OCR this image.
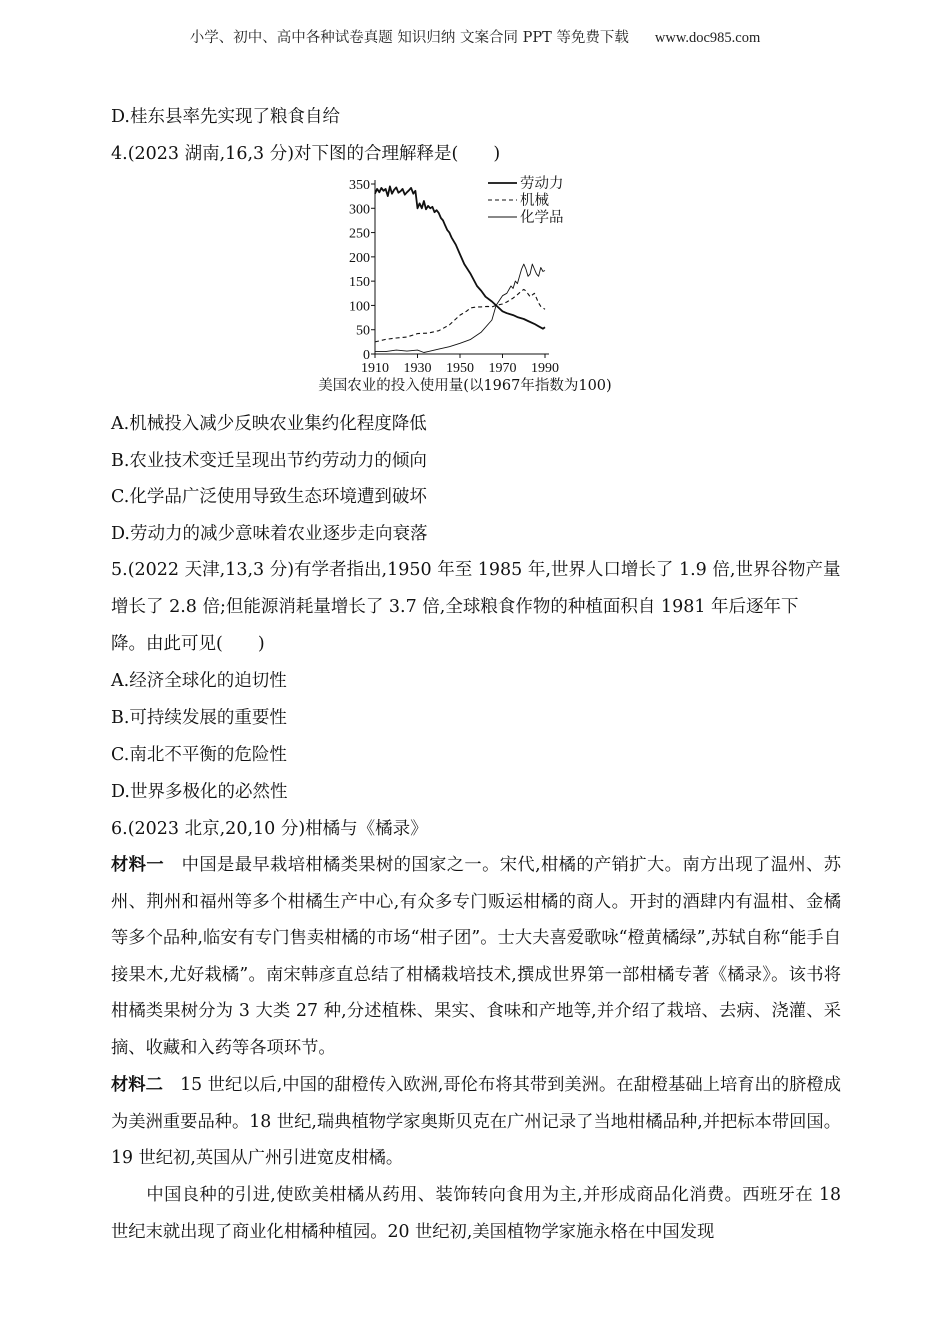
小学、初中、高中各种试卷真题 知识归纳 文案合同 PPT 等免费下载 www.doc985.com
D.桂东县率先实现了粮食自给
4.(2023 湖南,16,3 分)对下图的合理解释是(　　)
0
50
100
150
200
250
300
350
1910 1930 1950 1970 1990
劳动力
机械
化学品
美国农业的投入使用量(以1967年指数为100)
A.机械投入减少反映农业集约化程度降低
B.农业技术变迁呈现出节约劳动力的倾向
C.化学品广泛使用导致生态环境遭到破坏
D.劳动力的减少意味着农业逐步走向衰落
5.(2022 天津,13,3 分)有学者指出,1950 年至 1985 年,世界人口增长了 1.9 倍,世界谷物产量
增长了 2.8 倍;但能源消耗量增长了 3.7 倍,全球粮食作物的种植面积自 1981 年后逐年下
降。由此可见(　　)
A.经济全球化的迫切性
B.可持续发展的重要性
C.南北不平衡的危险性
D.世界多极化的必然性
6.(2023 北京,20,10 分)柑橘与《橘录》
材料一　中国是最早栽培柑橘类果树的国家之一。宋代,柑橘的产销扩大。南方出现了温州、苏州、荆州和福州等多个柑橘生产中心,有众多专门贩运柑橘的商人。开封的酒肆内有温柑、金橘等多个品种,临安有专门售卖柑橘的市场“柑子团”。士大夫喜爱歌咏“橙黄橘绿”,苏轼自称“能手自接果木,尤好栽橘”。南宋韩彦直总结了柑橘栽培技术,撰成世界第一部柑橘专著《橘录》。该书将柑橘类果树分为 3 大类 27 种,分述植株、果实、食味和产地等,并介绍了栽培、去病、浇灌、采摘、收藏和入药等各项环节。
材料二　15 世纪以后,中国的甜橙传入欧洲,哥伦布将其带到美洲。在甜橙基础上培育出的脐橙成为美洲重要品种。18 世纪,瑞典植物学家奥斯贝克在广州记录了当地柑橘品种,并把标本带回国。19 世纪初,英国从广州引进宽皮柑橘。
　　中国良种的引进,使欧美柑橘从药用、装饰转向食用为主,并形成商品化消费。西班牙在 18 世纪末就出现了商业化柑橘种植园。20 世纪初,美国植物学家施永格在中国发现
